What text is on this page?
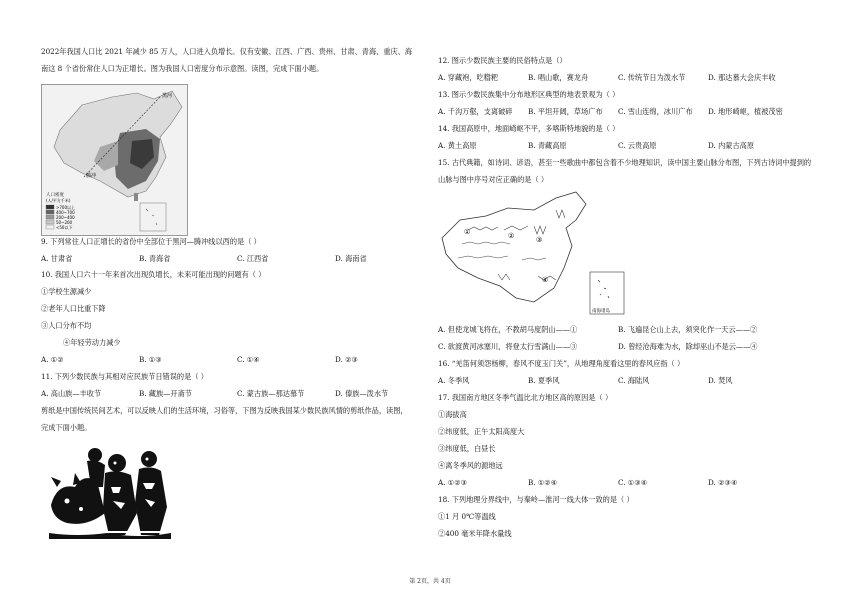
2022年我国人口比 2021 年减少 85 万人，人口进入负增长。仅有安徽、江西、广西、贵州、甘肃、青海、重庆、海
南这 8 个省份常住人口为正增长。图为我国人口密度分布示意图。读图，完成下面小题。
黑河
腾冲
人口密度
(人/平方千米)
>700以上
400~700
200~400
50~200
<50以下
9. 下列常住人口正增长的省份中全部位于黑河—腾冲线以西的是（ ）
A. 甘肃省	B. 青海省	C. 江西省	D. 海南省
10. 我国人口六十一年来首次出现负增长，未来可能出现的问题有（ ）
①学校生源减少
②老年人口比重下降
③人口分布不均
④年轻劳动力减少
A. ①②	B. ①③	C. ①④	D. ②③
11. 下列少数民族与其相对应民族节日错误的是（ ）
A. 高山族—丰收节	B. 藏族—开斋节	C. 蒙古族—那达慕节	D. 傣族—泼水节
剪纸是中国传统民间艺术，可以反映人们的生活环境，习俗等，下图为反映我国某少数民族风情的剪纸作品，读图，
完成下面小题。
12. 图示少数民族主要的民俗特点是（）
A. 穿藏袍，吃糌粑	B. 唱山歌，赛龙舟	C. 传统节日为泼水节	D. 那达慕大会庆丰收
13. 图示少数民族集中分布地形区典型的地表景观为（ ）
A. 千沟万壑，支离破碎 B. 平坦开阔，草场广布 C. 雪山连绵，冰川广布 D. 地形崎岖，植被茂密
14. 我国高原中，地面崎岖不平，多喀斯特地貌的是（ ）
A. 黄土高原	B. 青藏高原	C. 云贵高原	D. 内蒙古高原
15. 古代典籍，如诗词、谚语，甚至一些歌曲中都包含着不少地理知识，读中国主要山脉分布图，下列古诗词中提到的
山脉与图中序号对应正确的是（ ）
①	②	③
④
南海诸岛
A. 但使龙城飞将在，不教胡马度阴山——①	B. 飞遍昆仑山上去，须突化作一天云——②
C. 欲渡黄河冰塞川，将登太行雪满山——③	D. 曾经沧海难为水，除却巫山不是云——④
16. “羌笛何须怨杨柳，春风不度玉门关”，从地理角度看这里的春风应指（ ）
A. 冬季风	B. 夏季风	C. 海陆风	D. 焚风
17. 我国南方地区冬季气温比北方地区高的原因是（ ）
①海拔高
②纬度低，正午太阳高度大
③纬度低，白昼长
④离冬季风的源地远
A. ①②③	B. ①②④	C. ①③④	D. ②③④
18. 下列地理分界线中，与秦岭—淮河一线大体一致的是（ ）
①1 月 0℃等温线
②400 毫米年降水量线
第 2页，共 4页
